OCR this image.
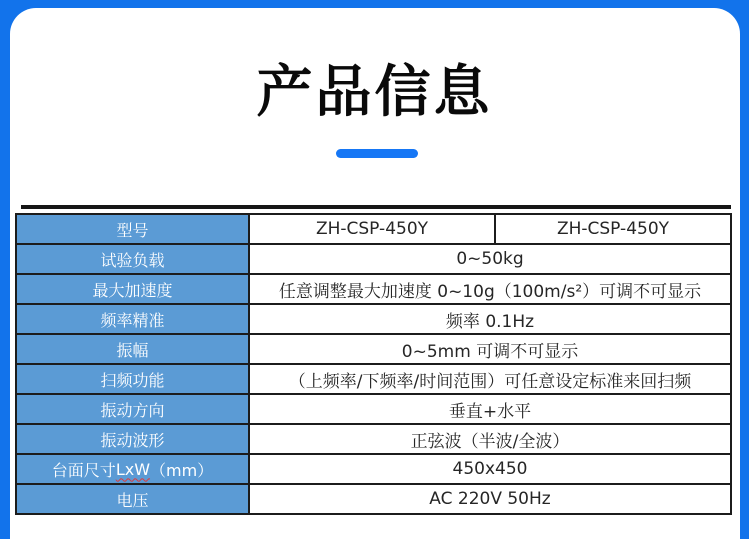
产品信息
型号	ZH-CSP-450Y	ZH-CSP-450Y
试验负载	0~50kg
最大加速度	任意调整最大加速度 0~10g（100m/s²）可调不可显示
频率精准	频率 0.1Hz
振幅	0~5mm 可调不可显示
扫频功能	（上频率/下频率/时间范围）可任意设定标准来回扫频
振动方向	垂直+水平
振动波形	正弦波（半波/全波）
台面尺寸 LxW （mm）	450x450
电压	AC 220V 50Hz
